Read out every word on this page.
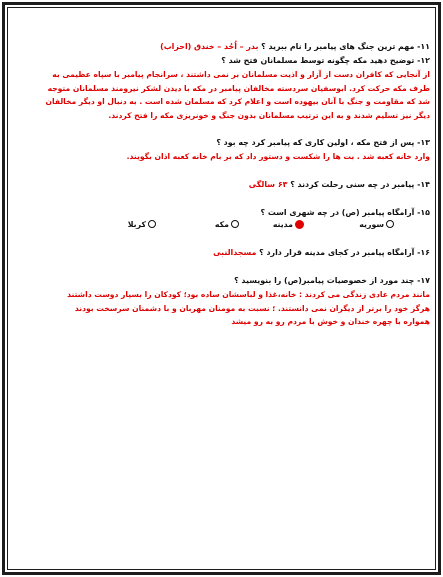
۱۱- مهم ترین جنگ های پیامبر را نام ببرید ؟ بدر – اُحُد – خندق (احزاب)
۱۲- توضیح دهید مکه چگونه توسط مسلمانان فتح شد ؟
از آنجایی که کافران دست از آزار و اذیت مسلمانان بر نمی داشتند ، سرانجام پیامبر با سپاه عظیمی به
طرف مکه حرکت کرد. ابوسفیان سردسته مخالفان پیامبر در مکه با دیدن لشکر نیرومند مسلمانان متوجه
شد که مقاومت و جنگ با آنان بیهوده است و اعلام کرد که مسلمان شده است . به دنبال او دیگر مخالفان
دیگر نیز تسلیم شدند و به این ترتیب مسلمانان بدون جنگ و خونریزی مکه را فتح کردند.
۱۳- پس از فتح مکه ، اولین کاری که پیامبر کرد چه بود ؟
وارد خانه کعبه شد . بت ها را شکست و دستور داد که بر بام خانه کعبه اذان بگویند.
۱۴- پیامبر در چه سنی رحلت کردند ؟ ۶۳ سالگی
۱۵- آرامگاه پیامبر (ص) در چه شهری است ؟
سوریه
مدینه
مکه
کربلا
۱۶- آرامگاه پیامبر در کجای مدینه قرار دارد ؟ مسجدالنبی
۱۷- چند مورد از خصوصیات پیامبر(ص) را بنویسید ؟
مانند مردم عادی زندگی می کردند : خانه،غذا و لباسشان ساده بود؛ کودکان را بسیار دوست داشتند
هرگز خود را برتر از دیگران نمی دانستند. ؛ نسبت به مومنان مهربان و با دشمنان سرسخت بودند
همواره با چهره خندان و خوش با مردم رو به رو میشد
